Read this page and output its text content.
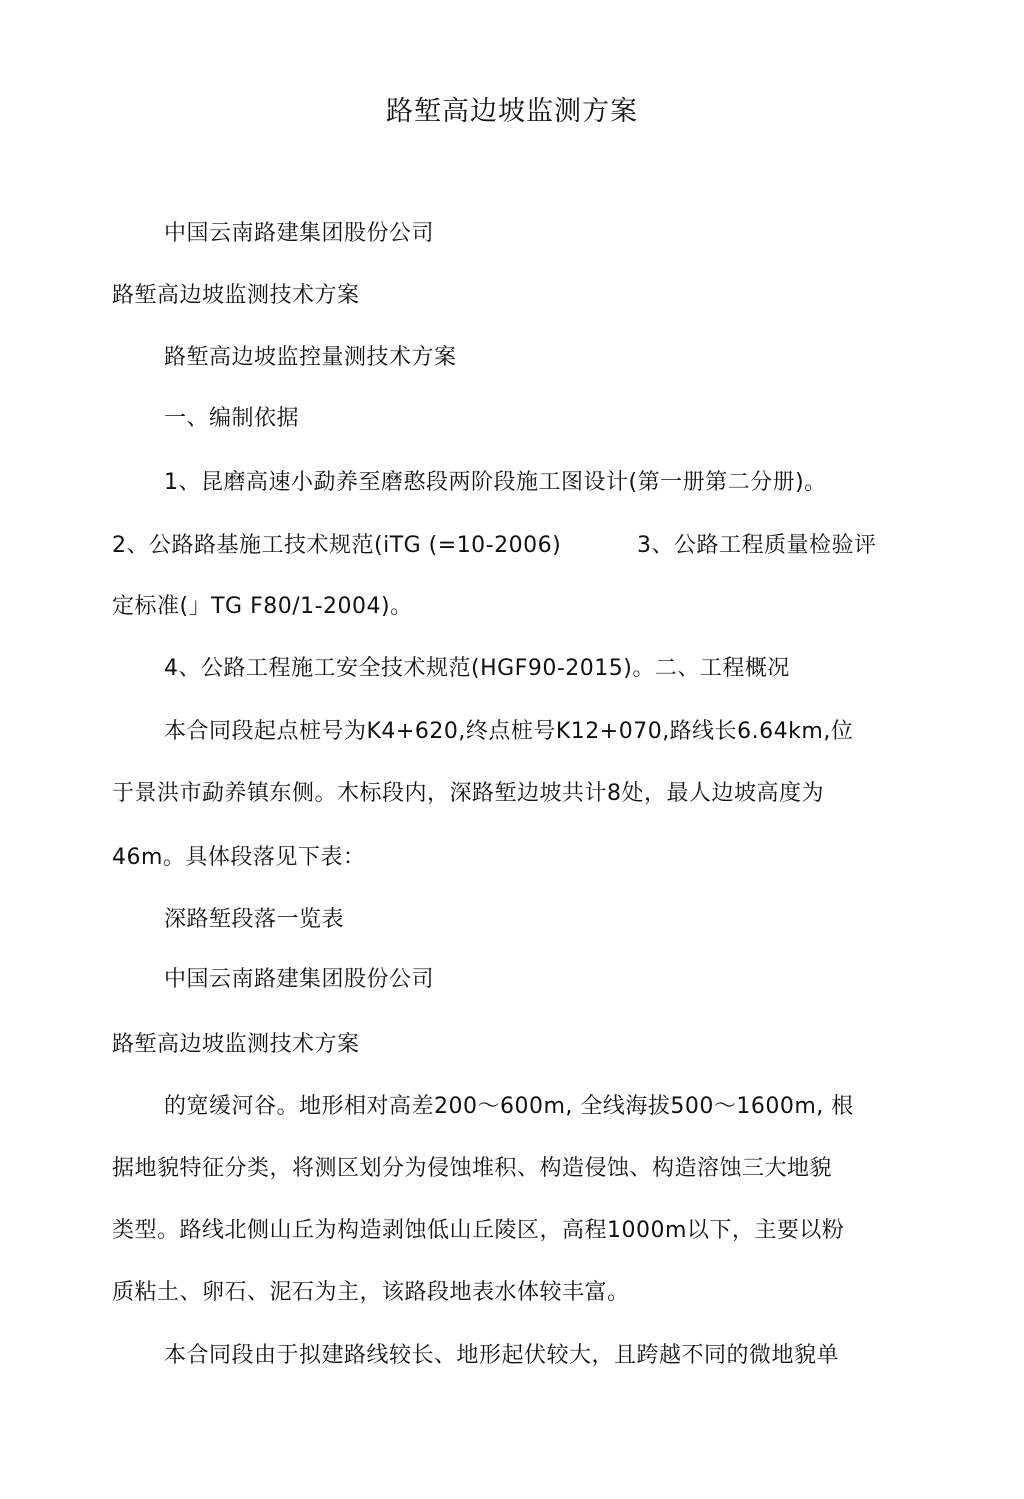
路堑高边坡监测方案

中国云南路建集团股份公司

路堑高边坡监测技术方案

路堑高边坡监控量测技术方案

一、编制依据

1、昆磨高速小勐养至磨憨段两阶段施工图设计(第一册第二分册)。

2、公路路基施工技术规范(iTG (=10-2006)	3、公路工程质量检验评

定标准(」TG F80/1-2004)。

4、公路工程施工安全技术规范(HGF90-2015)。二、工程概况

本合同段起点桩号为K4+620,终点桩号K12+070,路线长6.64km,位

于景洪市勐养镇东侧。木标段内，深路堑边坡共计8处，最人边坡高度为

46m。具体段落见下表：

深路堑段落一览表

中国云南路建集团股份公司

路堑高边坡监测技术方案

的宽缓河谷。地形相对高差200～600m, 全线海拔500～1600m, 根

据地貌特征分类，将测区划分为侵蚀堆积、构造侵蚀、构造溶蚀三大地貌

类型。路线北侧山丘为构造剥蚀低山丘陵区，高程1000m以下，主要以粉

质粘土、卵石、泥石为主，该路段地表水体较丰富。

本合同段由于拟建路线较长、地形起伏较大，且跨越不同的微地貌单
